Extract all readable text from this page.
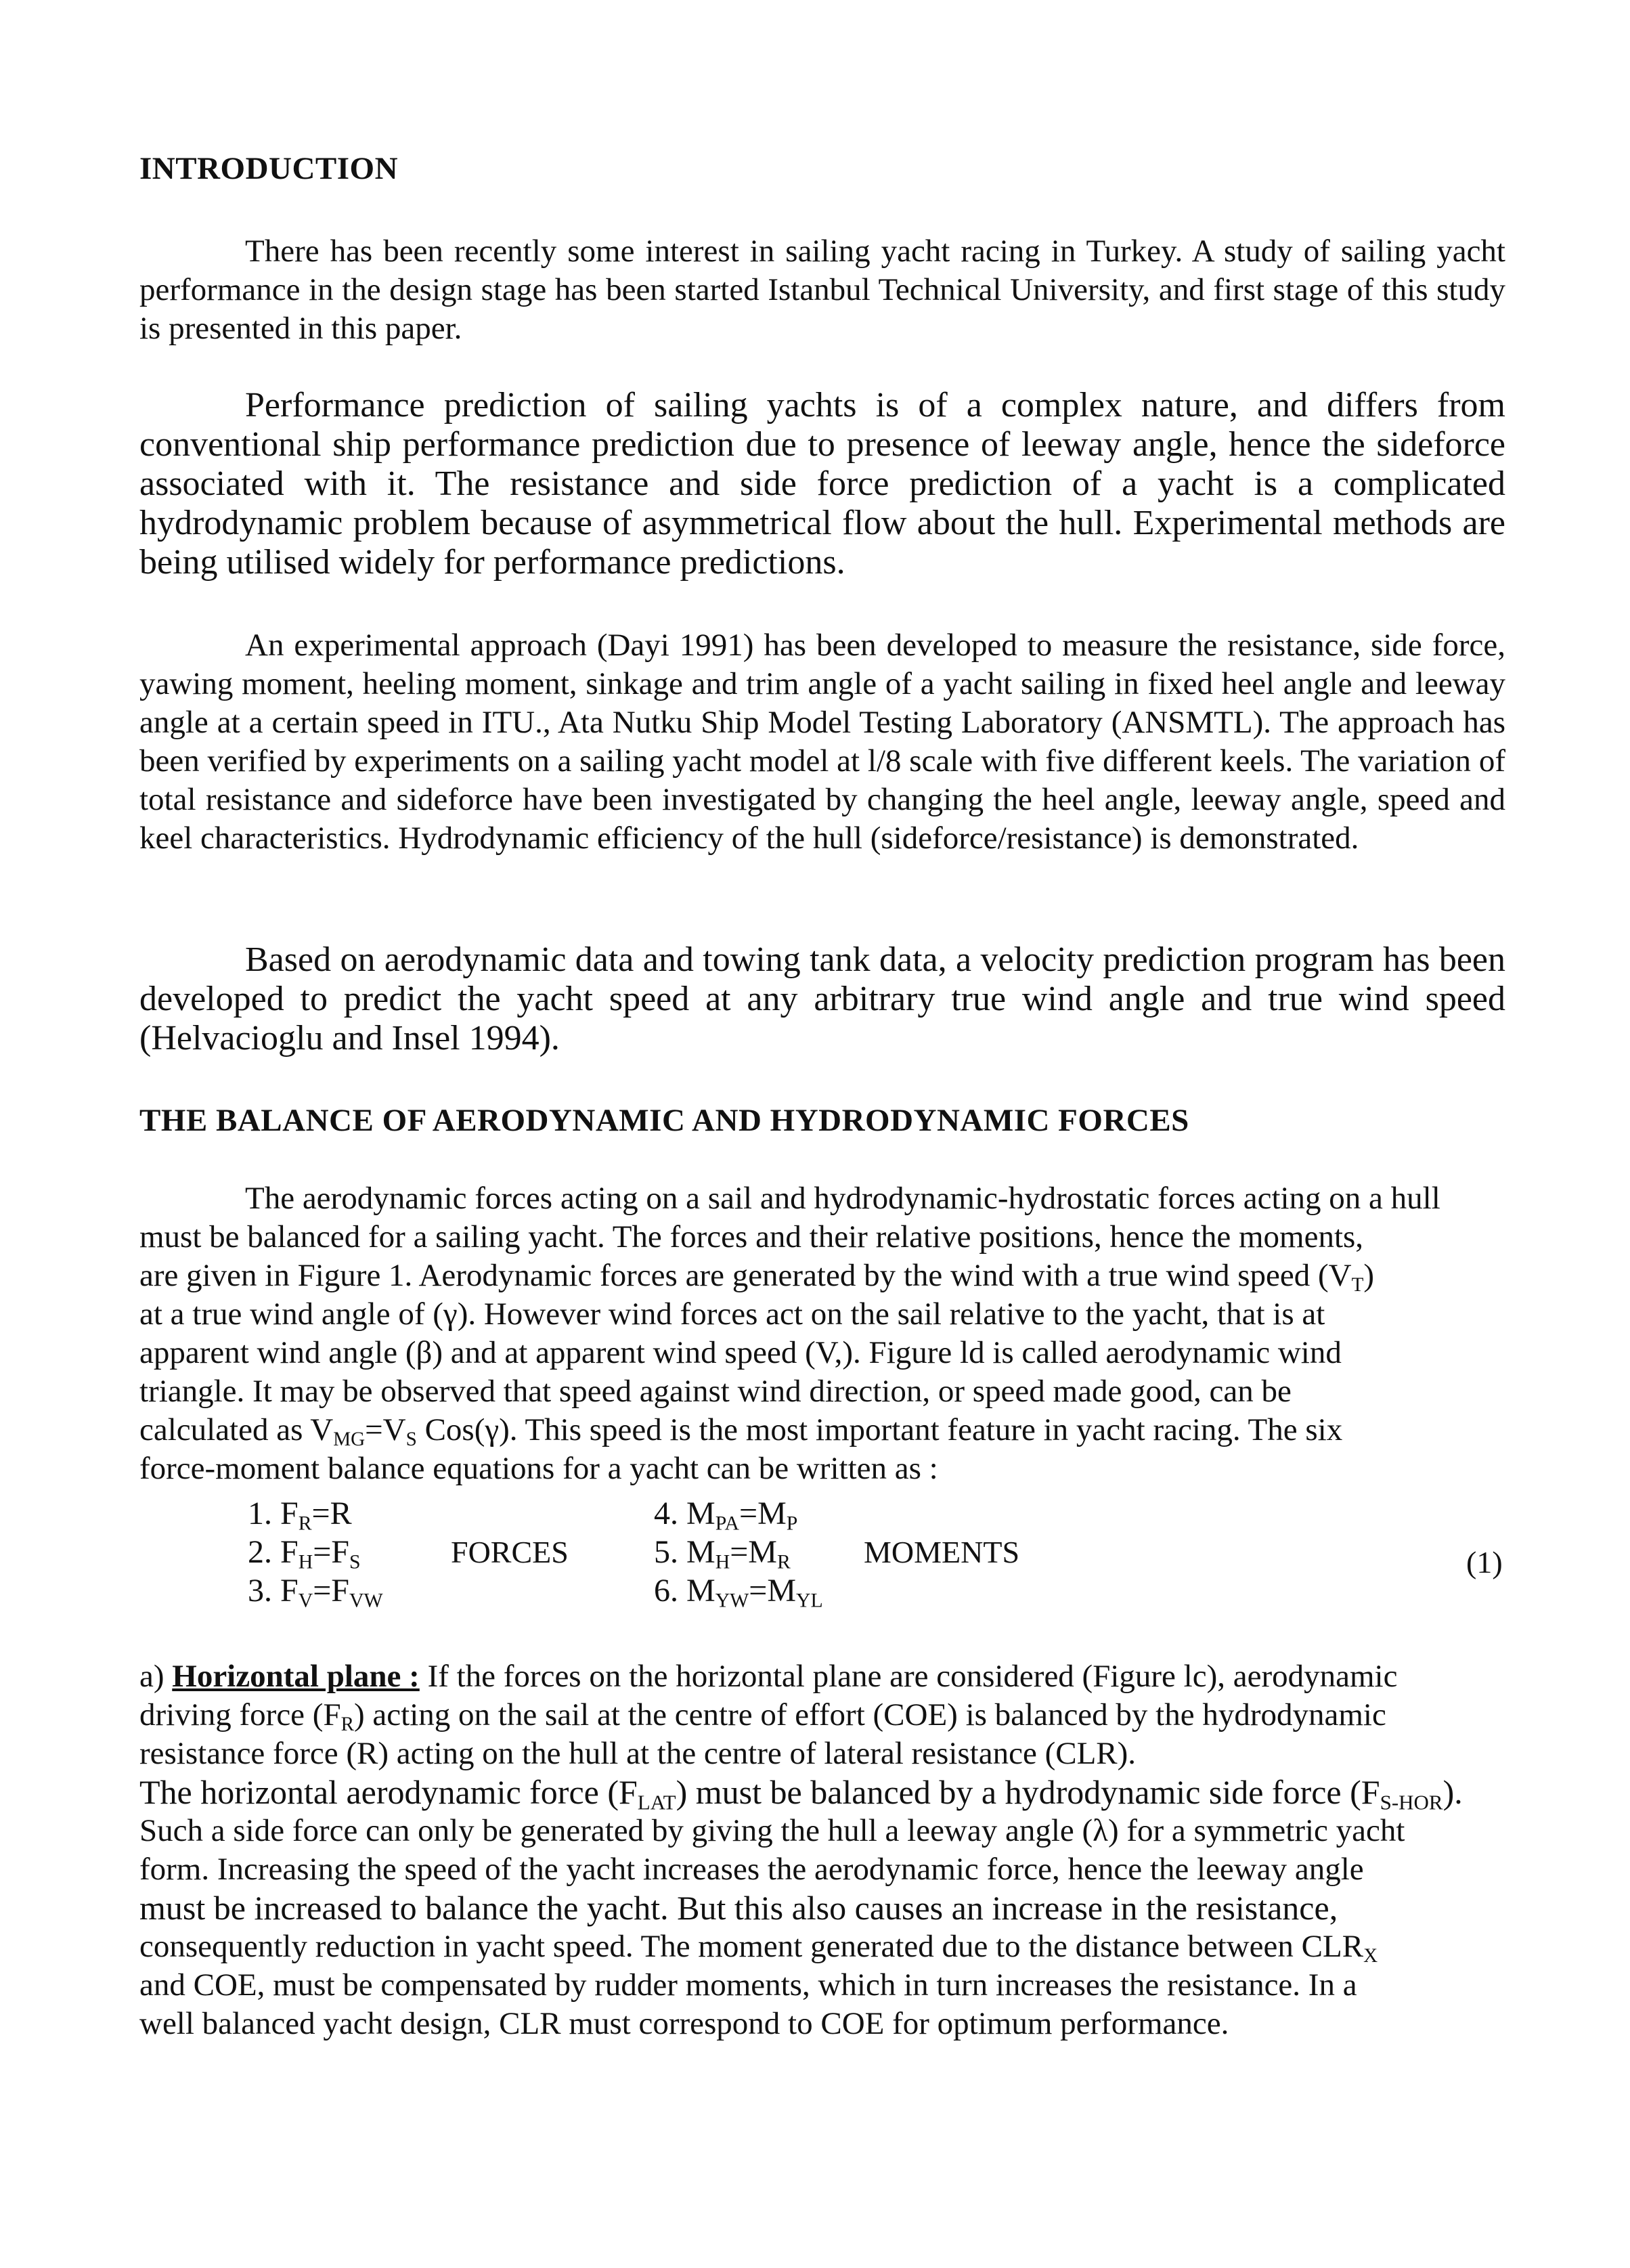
INTRODUCTION

There has been recently some interest in sailing yacht racing in Turkey. A study of sailing yacht performance in the design stage has been started Istanbul Technical University, and first stage of this study is presented in this paper.

Performance prediction of sailing yachts is of a complex nature, and differs from conventional ship performance prediction due to presence of leeway angle, hence the sideforce associated with it. The resistance and side force prediction of a yacht is a complicated hydrodynamic problem because of asymmetrical flow about the hull. Experimental methods are being utilised widely for performance predictions.

An experimental approach (Dayi 1991) has been developed to measure the resistance, side force, yawing moment, heeling moment, sinkage and trim angle of a yacht sailing in fixed heel angle and leeway angle at a certain speed in ITU., Ata Nutku Ship Model Testing Laboratory (ANSMTL). The approach has been verified by experiments on a sailing yacht model at l/8 scale with five different keels. The variation of total resistance and sideforce have been investigated by changing the heel angle, leeway angle, speed and keel characteristics. Hydrodynamic efficiency of the hull (sideforce/resistance) is demonstrated.

Based on aerodynamic data and towing tank data, a velocity prediction program has been developed to predict the yacht speed at any arbitrary true wind angle and true wind speed (Helvacioglu and Insel 1994).

THE BALANCE OF AERODYNAMIC AND HYDRODYNAMIC FORCES

The aerodynamic forces acting on a sail and hydrodynamic-hydrostatic forces acting on a hull
must be balanced for a sailing yacht. The forces and their relative positions, hence the moments,
are given in Figure 1. Aerodynamic forces are generated by the wind with a true wind speed $(V_T)$
at a true wind angle of (γ). However wind forces act on the sail relative to the yacht, that is at
apparent wind angle (β) and at apparent wind speed (V,). Figure ld is called aerodynamic wind
triangle. It may be observed that speed against wind direction, or speed made good, can be
calculated as $V_{MG}=V_S$ Cos(γ). This speed is the most important feature in yacht racing. The six
force-moment balance equations for a yacht can be written as :

1. $F_R=R$
2. $F_H=F_S$
3. $F_V=F_{VW}$
FORCES
4. $M_{PA}=M_P$
5. $M_H=M_R$
6. $M_{YW}=M_{YL}$
MOMENTS	(1)

a) Horizontal plane : If the forces on the horizontal plane are considered (Figure lc), aerodynamic
driving force $(F_R)$ acting on the sail at the centre of effort (COE) is balanced by the hydrodynamic
resistance force (R) acting on the hull at the centre of lateral resistance (CLR).
The horizontal aerodynamic force $(F_{LAT})$ must be balanced by a hydrodynamic side force $(F_{S-HOR})$.
Such a side force can only be generated by giving the hull a leeway angle (λ) for a symmetric yacht
form. Increasing the speed of the yacht increases the aerodynamic force, hence the leeway angle
must be increased to balance the yacht. But this also causes an increase in the resistance,
consequently reduction in yacht speed. The moment generated due to the distance between $CLR_X$
and COE, must be compensated by rudder moments, which in turn increases the resistance. In a
well balanced yacht design, CLR must correspond to COE for optimum performance.
